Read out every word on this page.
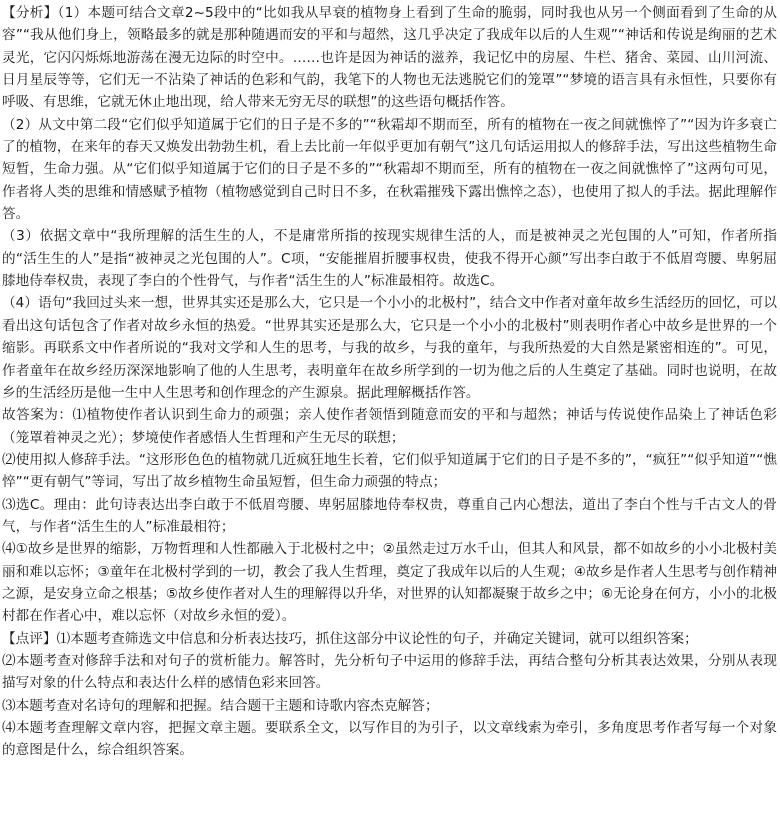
【分析】（1）本题可结合文章2~5段中的“比如我从早衰的植物身上看到了生命的脆弱，同时我也从另一个侧面看到了生命的从容”“我从他们身上，领略最多的就是那种随遇而安的平和与超然，这几乎决定了我成年以后的人生观”“神话和传说是绚丽的艺术灵光，它闪闪烁烁地游荡在漫无边际的时空中。……也许是因为神话的滋养，我记忆中的房屋、牛栏、猪舍、菜园、山川河流、日月星辰等等，它们无一不沾染了神话的色彩和气韵，我笔下的人物也无法逃脱它们的笼罩”“梦境的语言具有永恒性，只要你有呼吸、有思维，它就无休止地出现，给人带来无穷无尽的联想”的这些语句概括作答。

（2）从文中第二段“它们似乎知道属于它们的日子是不多的”“秋霜却不期而至，所有的植物在一夜之间就憔悴了”“因为许多衰亡了的植物，在来年的春天又焕发出勃勃生机，看上去比前一年似乎更加有朝气”这几句话运用拟人的修辞手法，写出这些植物生命短暂，生命力强。从“它们似乎知道属于它们的日子是不多的”“秋霜却不期而至，所有的植物在一夜之间就憔悴了”这两句可见，作者将人类的思维和情感赋予植物（植物感觉到自己时日不多，在秋霜摧残下露出憔悴之态），也使用了拟人的手法。据此理解作答。

（3）依据文章中“我所理解的活生生的人，不是庸常所指的按现实规律生活的人，而是被神灵之光包围的人”可知，作者所指的“活生生的人”是指“被神灵之光包围的人”。C项，“安能摧眉折腰事权贵，使我不得开心颜”写出李白敢于不低眉弯腰、卑躬屈膝地侍奉权贵，表现了李白的个性骨气，与作者“活生生的人”标准最相符。故选C。

（4）语句“我回过头来一想，世界其实还是那么大，它只是一个小小的北极村”，结合文中作者对童年故乡生活经历的回忆，可以看出这句话包含了作者对故乡永恒的热爱。“世界其实还是那么大，它只是一个小小的北极村”则表明作者心中故乡是世界的一个缩影。再联系文中作者所说的“我对文学和人生的思考，与我的故乡，与我的童年，与我所热爱的大自然是紧密相连的”。可见，作者童年在故乡经历深深地影响了他的人生思考，表明童年在故乡所学到的一切为他之后的人生奠定了基础。同时也说明，在故乡的生活经历是他一生中人生思考和创作理念的产生源泉。据此理解概括作答。

故答案为：⑴植物使作者认识到生命力的顽强；亲人使作者领悟到随意而安的平和与超然；神话与传说使作品染上了神话色彩（笼罩着神灵之光）；梦境使作者感悟人生哲理和产生无尽的联想；

⑵使用拟人修辞手法。“这形形色色的植物就几近疯狂地生长着，它们似乎知道属于它们的日子是不多的”，“疯狂”“似乎知道”“憔悴”“更有朝气”等词，写出了故乡植物生命虽短暂，但生命力顽强的特点；

⑶选C。理由：此句诗表达出李白敢于不低眉弯腰、卑躬屈膝地侍奉权贵，尊重自己内心想法，道出了李白个性与千古文人的骨气，与作者“活生生的人”标准最相符；

⑷①故乡是世界的缩影，万物哲理和人性都融入于北极村之中；②虽然走过万水千山，但其人和风景，都不如故乡的小小北极村美丽和难以忘怀；③童年在北极村学到的一切，教会了我人生哲理，奠定了我成年以后的人生观；④故乡是作者人生思考与创作精神之源，是安身立命之根基；⑤故乡使作者对人生的理解得以升华，对世界的认知都凝聚于故乡之中；⑥无论身在何方，小小的北极村都在作者心中，难以忘怀（对故乡永恒的爱）。

【点评】⑴本题考查筛选文中信息和分析表达技巧，抓住这部分中议论性的句子，并确定关键词，就可以组织答案；

⑵本题考查对修辞手法和对句子的赏析能力。解答时，先分析句子中运用的修辞手法，再结合整句分析其表达效果，分别从表现描写对象的什么特点和表达什么样的感情色彩来回答。

⑶本题考查对名诗句的理解和把握。结合题干主题和诗歌内容杰克解答；

⑷本题考查理解文章内容，把握文章主题。要联系全文，以写作目的为引子，以文章线索为牵引，多角度思考作者写每一个对象的意图是什么，综合组织答案。
